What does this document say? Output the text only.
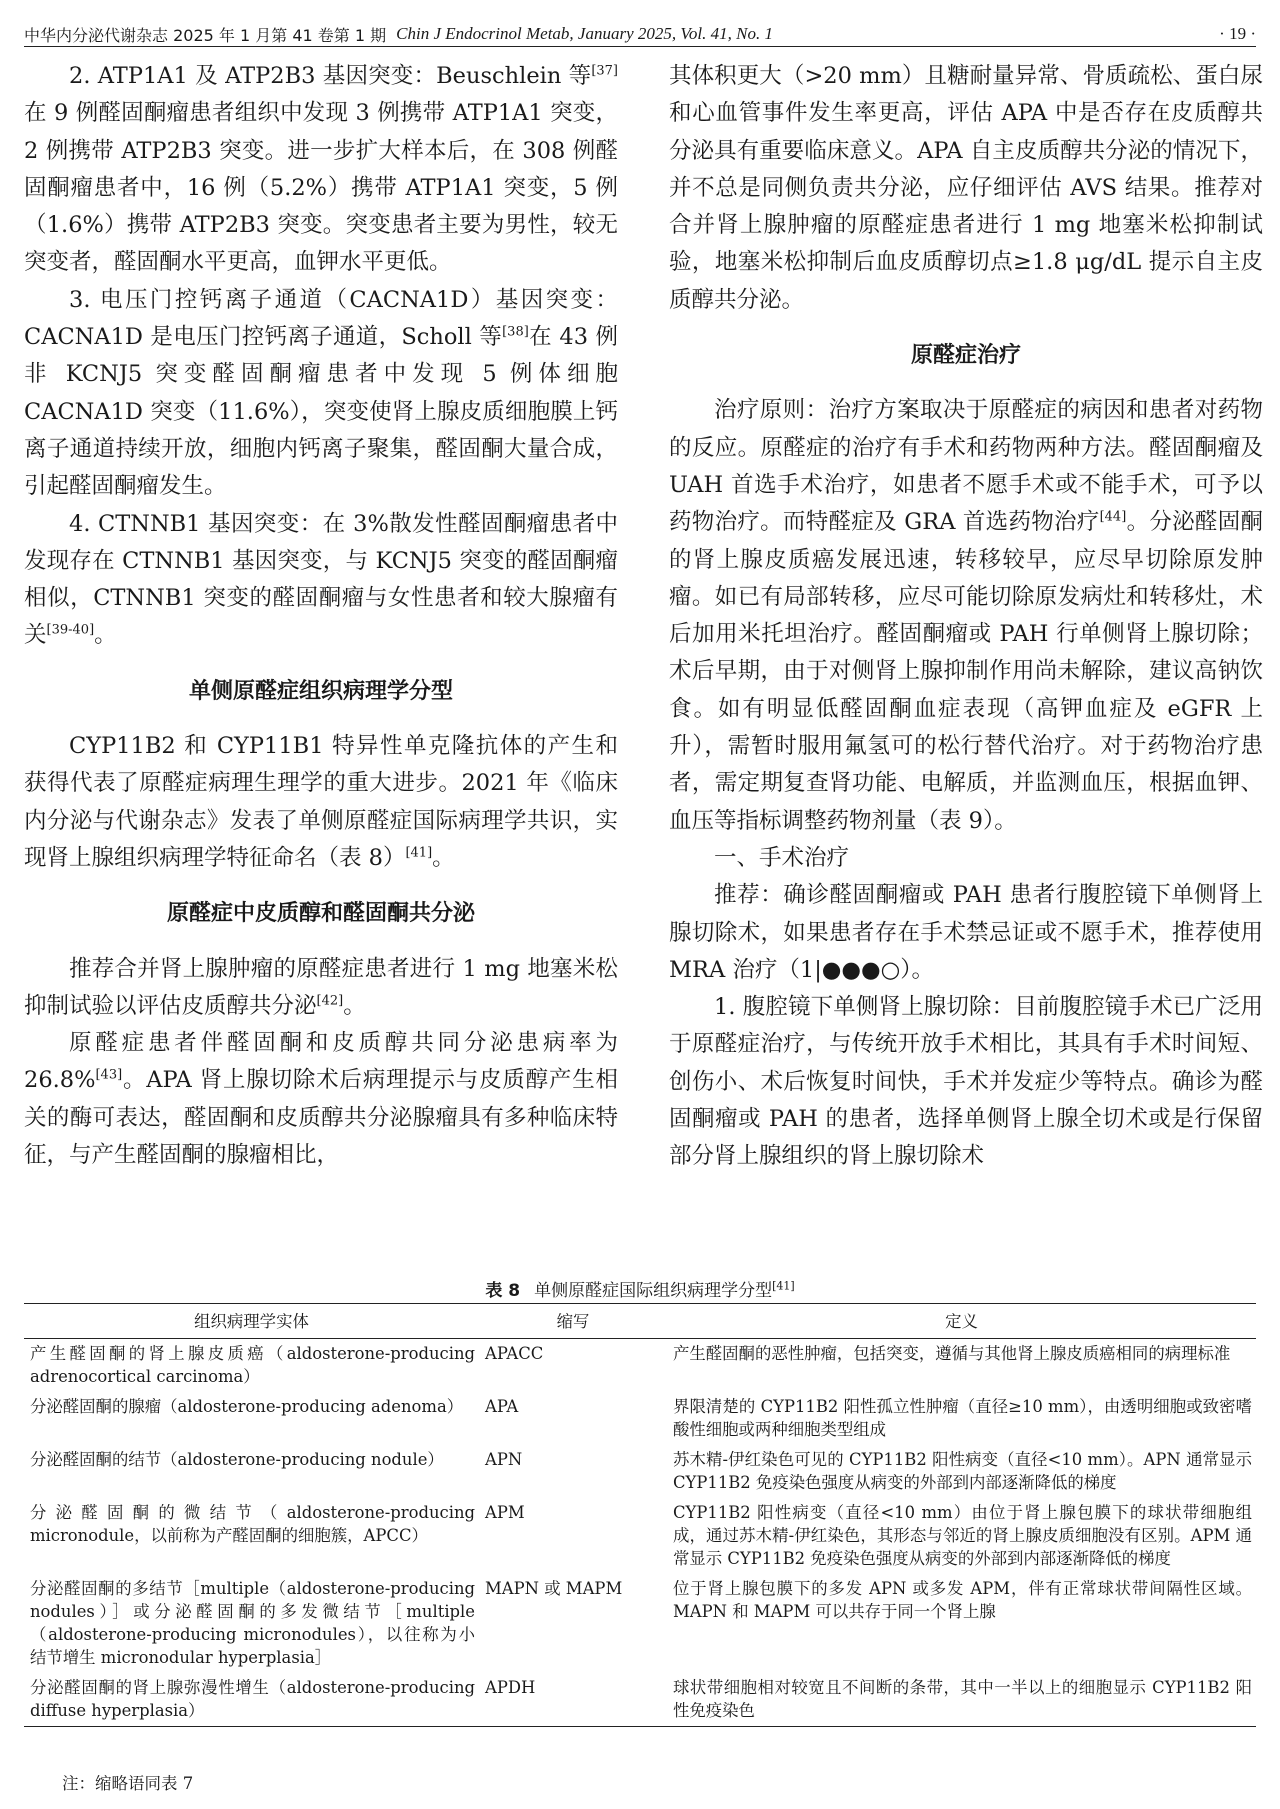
中华内分泌代谢杂志 2025 年 1 月第 41 卷第 1 期 Chin J Endocrinol Metab, January 2025, Vol. 41, No. 1	· 19 ·

2. ATP1A1 及 ATP2B3 基因突变：Beuschlein 等[37]在 9 例醛固酮瘤患者组织中发现 3 例携带 ATP1A1 突变，2 例携带 ATP2B3 突变。进一步扩大样本后，在 308 例醛固酮瘤患者中，16 例（5.2%）携带 ATP1A1 突变，5 例（1.6%）携带 ATP2B3 突变。突变患者主要为男性，较无突变者，醛固酮水平更高，血钾水平更低。

3. 电压门控钙离子通道（CACNA1D）基因突变：CACNA1D 是电压门控钙离子通道，Scholl 等[38]在 43 例非 KCNJ5 突变醛固酮瘤患者中发现 5 例体细胞 CACNA1D 突变（11.6%），突变使肾上腺皮质细胞膜上钙离子通道持续开放，细胞内钙离子聚集，醛固酮大量合成，引起醛固酮瘤发生。

4. CTNNB1 基因突变：在 3%散发性醛固酮瘤患者中发现存在 CTNNB1 基因突变，与 KCNJ5 突变的醛固酮瘤相似，CTNNB1 突变的醛固酮瘤与女性患者和较大腺瘤有关[39-40]。

单侧原醛症组织病理学分型

CYP11B2 和 CYP11B1 特异性单克隆抗体的产生和获得代表了原醛症病理生理学的重大进步。2021 年《临床内分泌与代谢杂志》发表了单侧原醛症国际病理学共识，实现肾上腺组织病理学特征命名（表 8）[41]。

原醛症中皮质醇和醛固酮共分泌

推荐合并肾上腺肿瘤的原醛症患者进行 1 mg 地塞米松抑制试验以评估皮质醇共分泌[42]。

原醛症患者伴醛固酮和皮质醇共同分泌患病率为 26.8%[43]。APA 肾上腺切除术后病理提示与皮质醇产生相关的酶可表达，醛固酮和皮质醇共分泌腺瘤具有多种临床特征，与产生醛固酮的腺瘤相比，

其体积更大（>20 mm）且糖耐量异常、骨质疏松、蛋白尿和心血管事件发生率更高，评估 APA 中是否存在皮质醇共分泌具有重要临床意义。APA 自主皮质醇共分泌的情况下，并不总是同侧负责共分泌，应仔细评估 AVS 结果。推荐对合并肾上腺肿瘤的原醛症患者进行 1 mg 地塞米松抑制试验，地塞米松抑制后血皮质醇切点≥1.8 μg/dL 提示自主皮质醇共分泌。

原醛症治疗

治疗原则：治疗方案取决于原醛症的病因和患者对药物的反应。原醛症的治疗有手术和药物两种方法。醛固酮瘤及 UAH 首选手术治疗，如患者不愿手术或不能手术，可予以药物治疗。而特醛症及 GRA 首选药物治疗[44]。分泌醛固酮的肾上腺皮质癌发展迅速，转移较早，应尽早切除原发肿瘤。如已有局部转移，应尽可能切除原发病灶和转移灶，术后加用米托坦治疗。醛固酮瘤或 PAH 行单侧肾上腺切除；术后早期，由于对侧肾上腺抑制作用尚未解除，建议高钠饮食。如有明显低醛固酮血症表现（高钾血症及 eGFR 上升），需暂时服用氟氢可的松行替代治疗。对于药物治疗患者，需定期复查肾功能、电解质，并监测血压，根据血钾、血压等指标调整药物剂量（表 9）。

一、手术治疗

推荐：确诊醛固酮瘤或 PAH 患者行腹腔镜下单侧肾上腺切除术，如果患者存在手术禁忌证或不愿手术，推荐使用 MRA 治疗（1|●●●○）。

1. 腹腔镜下单侧肾上腺切除：目前腹腔镜手术已广泛用于原醛症治疗，与传统开放手术相比，其具有手术时间短、创伤小、术后恢复时间快，手术并发症少等特点。确诊为醛固酮瘤或 PAH 的患者，选择单侧肾上腺全切术或是行保留部分肾上腺组织的肾上腺切除术

表 8 单侧原醛症国际组织病理学分型[41]
组织病理学实体	缩写	定义
产生醛固酮的肾上腺皮质癌（aldosterone-producing adrenocortical carcinoma）	APACC	产生醛固酮的恶性肿瘤，包括突变，遵循与其他肾上腺皮质癌相同的病理标准
分泌醛固酮的腺瘤（aldosterone-producing adenoma）	APA	界限清楚的 CYP11B2 阳性孤立性肿瘤（直径≥10 mm），由透明细胞或致密嗜酸性细胞或两种细胞类型组成
分泌醛固酮的结节（aldosterone-producing nodule）	APN	苏木精-伊红染色可见的 CYP11B2 阳性病变（直径<10 mm）。APN 通常显示 CYP11B2 免疫染色强度从病变的外部到内部逐渐降低的梯度
分泌醛固酮的微结节（aldosterone-producing micronodule，以前称为产醛固酮的细胞簇，APCC）	APM	CYP11B2 阳性病变（直径<10 mm）由位于肾上腺包膜下的球状带细胞组成，通过苏木精-伊红染色，其形态与邻近的肾上腺皮质细胞没有区别。APM 通常显示 CYP11B2 免疫染色强度从病变的外部到内部逐渐降低的梯度
分泌醛固酮的多结节［multiple（aldosterone-producing nodules）］或分泌醛固酮的多发微结节［multiple（aldosterone-producing micronodules），以往称为小结节增生 micronodular hyperplasia］	MAPN 或 MAPM	位于肾上腺包膜下的多发 APN 或多发 APM，伴有正常球状带间隔性区域。MAPN 和 MAPM 可以共存于同一个肾上腺
分泌醛固酮的肾上腺弥漫性增生（aldosterone-producing diffuse hyperplasia）	APDH	球状带细胞相对较宽且不间断的条带，其中一半以上的细胞显示 CYP11B2 阳性免疫染色
注：缩略语同表 7
